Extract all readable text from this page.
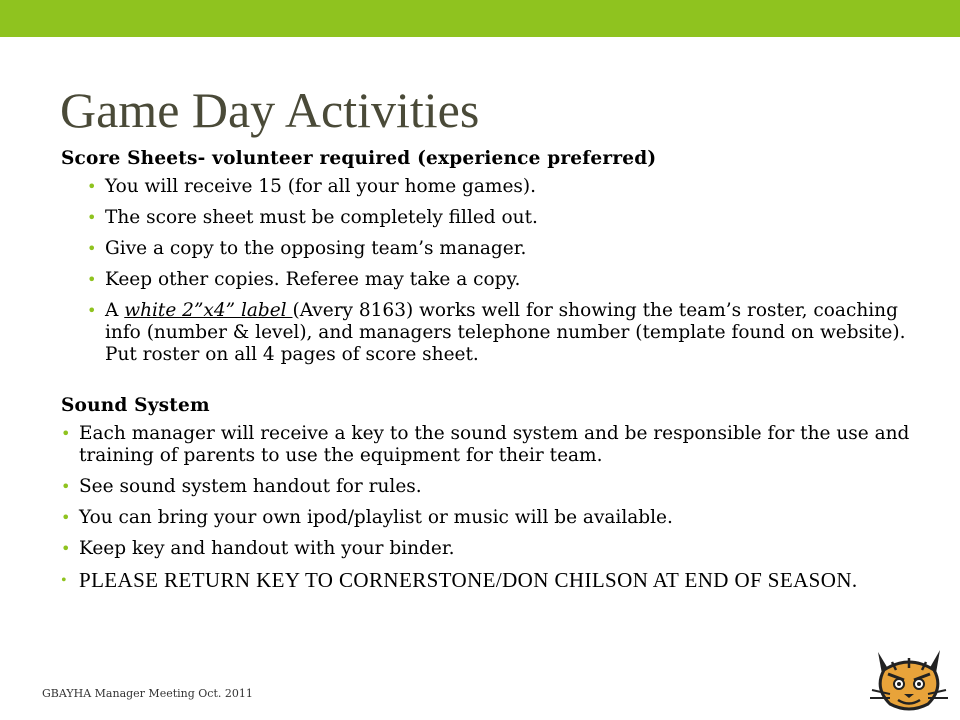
Game Day Activities
Score Sheets- volunteer required (experience preferred)
• You will receive 15 (for all your home games).
• The score sheet must be completely filled out.
• Give a copy to the opposing team’s manager.
• Keep other copies. Referee may take a copy.
• A white 2”x4” label (Avery 8163) works well for showing the team’s roster, coaching info (number & level), and managers telephone number (template found on website). Put roster on all 4 pages of score sheet.
Sound System
• Each manager will receive a key to the sound system and be responsible for the use and training of parents to use the equipment for their team.
• See sound system handout for rules.
• You can bring your own ipod/playlist or music will be available.
• Keep key and handout with your binder.
• PLEASE RETURN KEY TO CORNERSTONE/DON CHILSON AT END OF SEASON.
GBAYHA Manager Meeting Oct. 2011
